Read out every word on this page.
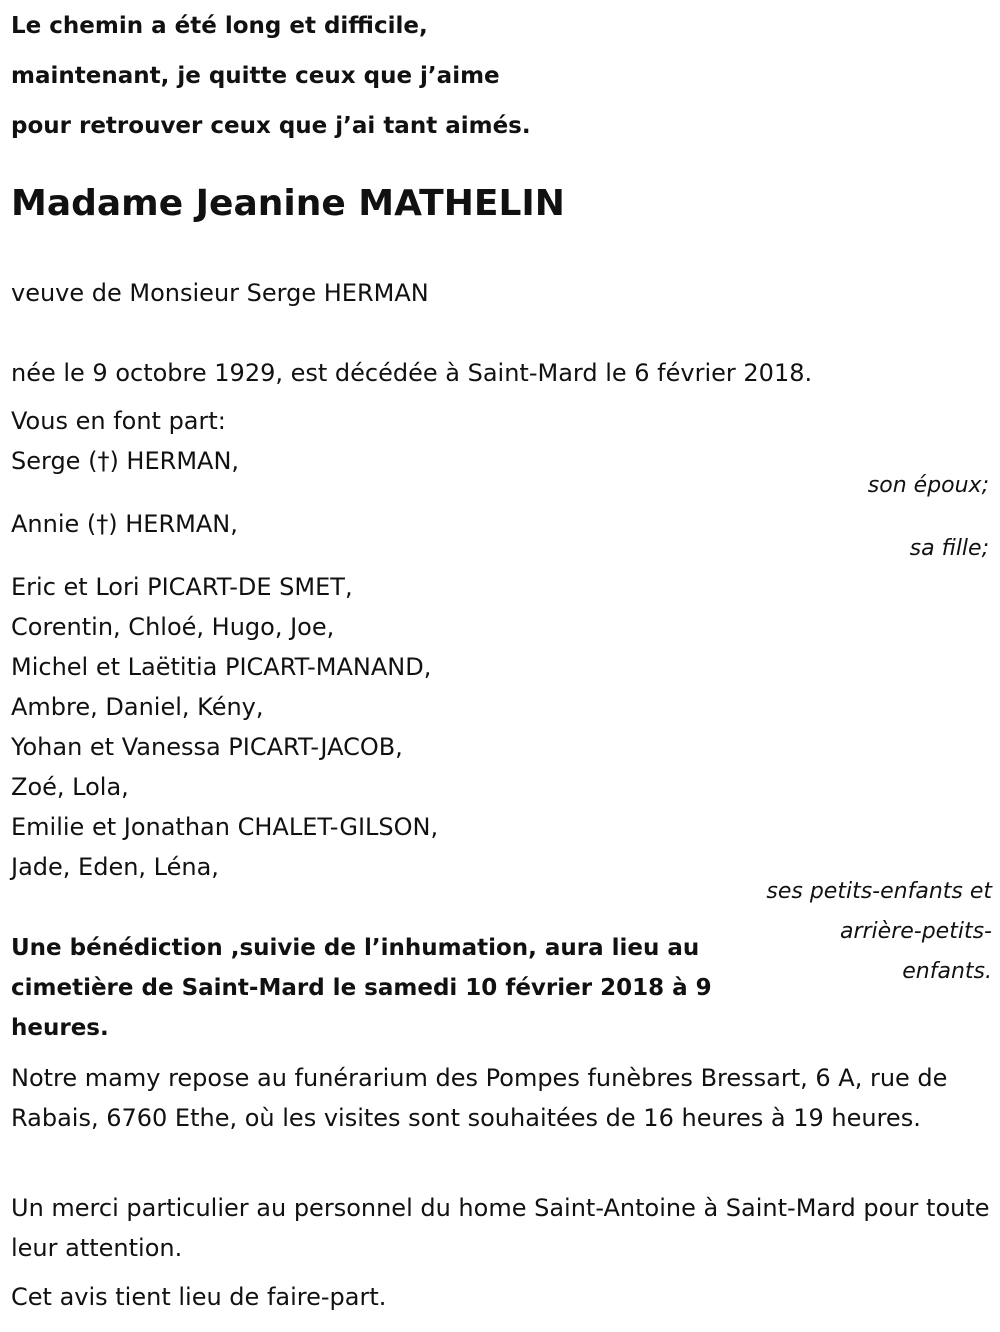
Le chemin a été long et difficile,
maintenant, je quitte ceux que j’aime
pour retrouver ceux que j’ai tant aimés.
Madame Jeanine MATHELIN
veuve de Monsieur Serge HERMAN
née le 9 octobre 1929, est décédée à Saint-Mard le 6 février 2018.
Vous en font part:
Serge (†) HERMAN,
son époux;
Annie (†) HERMAN,
sa fille;
Eric et Lori PICART-DE SMET,
Corentin, Chloé, Hugo, Joe,
Michel et Laëtitia PICART-MANAND,
Ambre, Daniel, Kény,
Yohan et Vanessa PICART-JACOB,
Zoé, Lola,
Emilie et Jonathan CHALET-GILSON,
Jade, Eden, Léna,
ses petits-enfants et arrière-petits-enfants.
Une bénédiction ,suivie de l’inhumation, aura lieu au cimetière de Saint-Mard le samedi 10 février 2018 à 9 heures.
Notre mamy repose au funérarium des Pompes funèbres Bressart, 6 A, rue de Rabais, 6760 Ethe, où les visites sont souhaitées de 16 heures à 19 heures.
Un merci particulier au personnel du home Saint-Antoine à Saint-Mard pour toute leur attention.
Cet avis tient lieu de faire-part.
